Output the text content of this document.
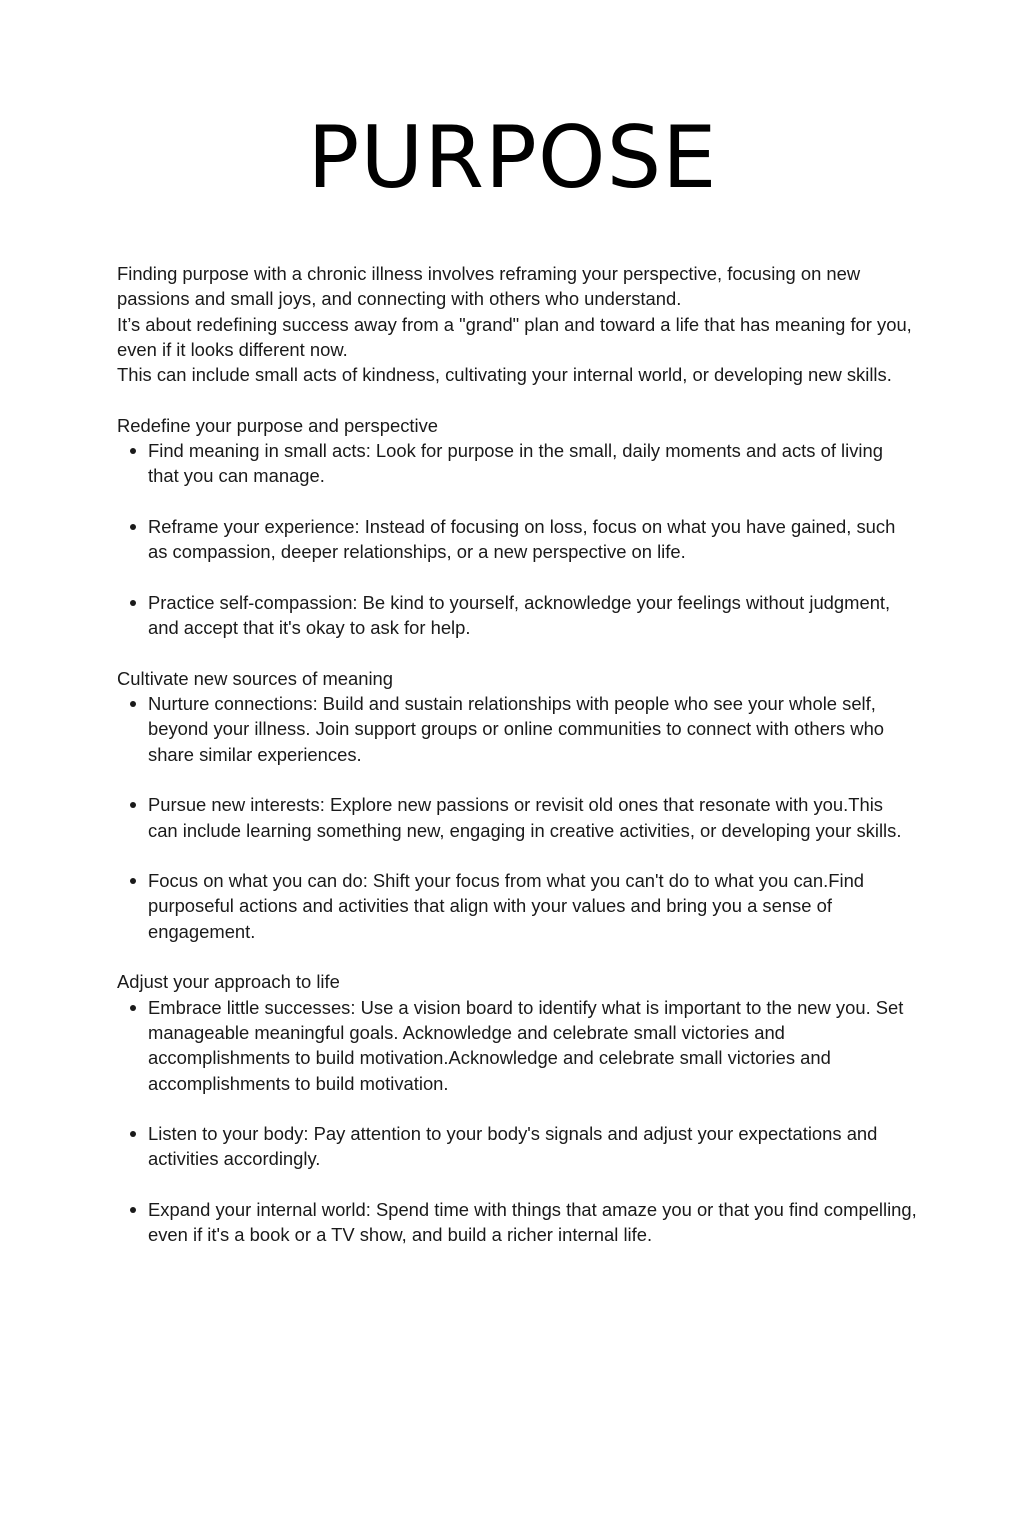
PURPOSE

Finding purpose with a chronic illness involves reframing your perspective, focusing on new passions and small joys, and connecting with others who understand.

It’s about redefining success away from a "grand" plan and toward a life that has meaning for you, even if it looks different now.

This can include small acts of kindness, cultivating your internal world, or developing new skills.

Redefine your purpose and perspective
Find meaning in small acts: Look for purpose in the small, daily moments and acts of living that you can manage.
Reframe your experience: Instead of focusing on loss, focus on what you have gained, such as compassion, deeper relationships, or a new perspective on life.
Practice self-compassion: Be kind to yourself, acknowledge your feelings without judgment, and accept that it's okay to ask for help.
Cultivate new sources of meaning
Nurture connections: Build and sustain relationships with people who see your whole self, beyond your illness. Join support groups or online communities to connect with others who share similar experiences.
Pursue new interests: Explore new passions or revisit old ones that resonate with you.This can include learning something new, engaging in creative activities, or developing your skills.
Focus on what you can do: Shift your focus from what you can't do to what you can.Find purposeful actions and activities that align with your values and bring you a sense of engagement.
Adjust your approach to life
Embrace little successes: Use a vision board to identify what is important to the new you. Set manageable meaningful goals. Acknowledge and celebrate small victories and accomplishments to build motivation.Acknowledge and celebrate small victories and accomplishments to build motivation.
Listen to your body: Pay attention to your body's signals and adjust your expectations and activities accordingly.
Expand your internal world: Spend time with things that amaze you or that you find compelling, even if it's a book or a TV show, and build a richer internal life.
